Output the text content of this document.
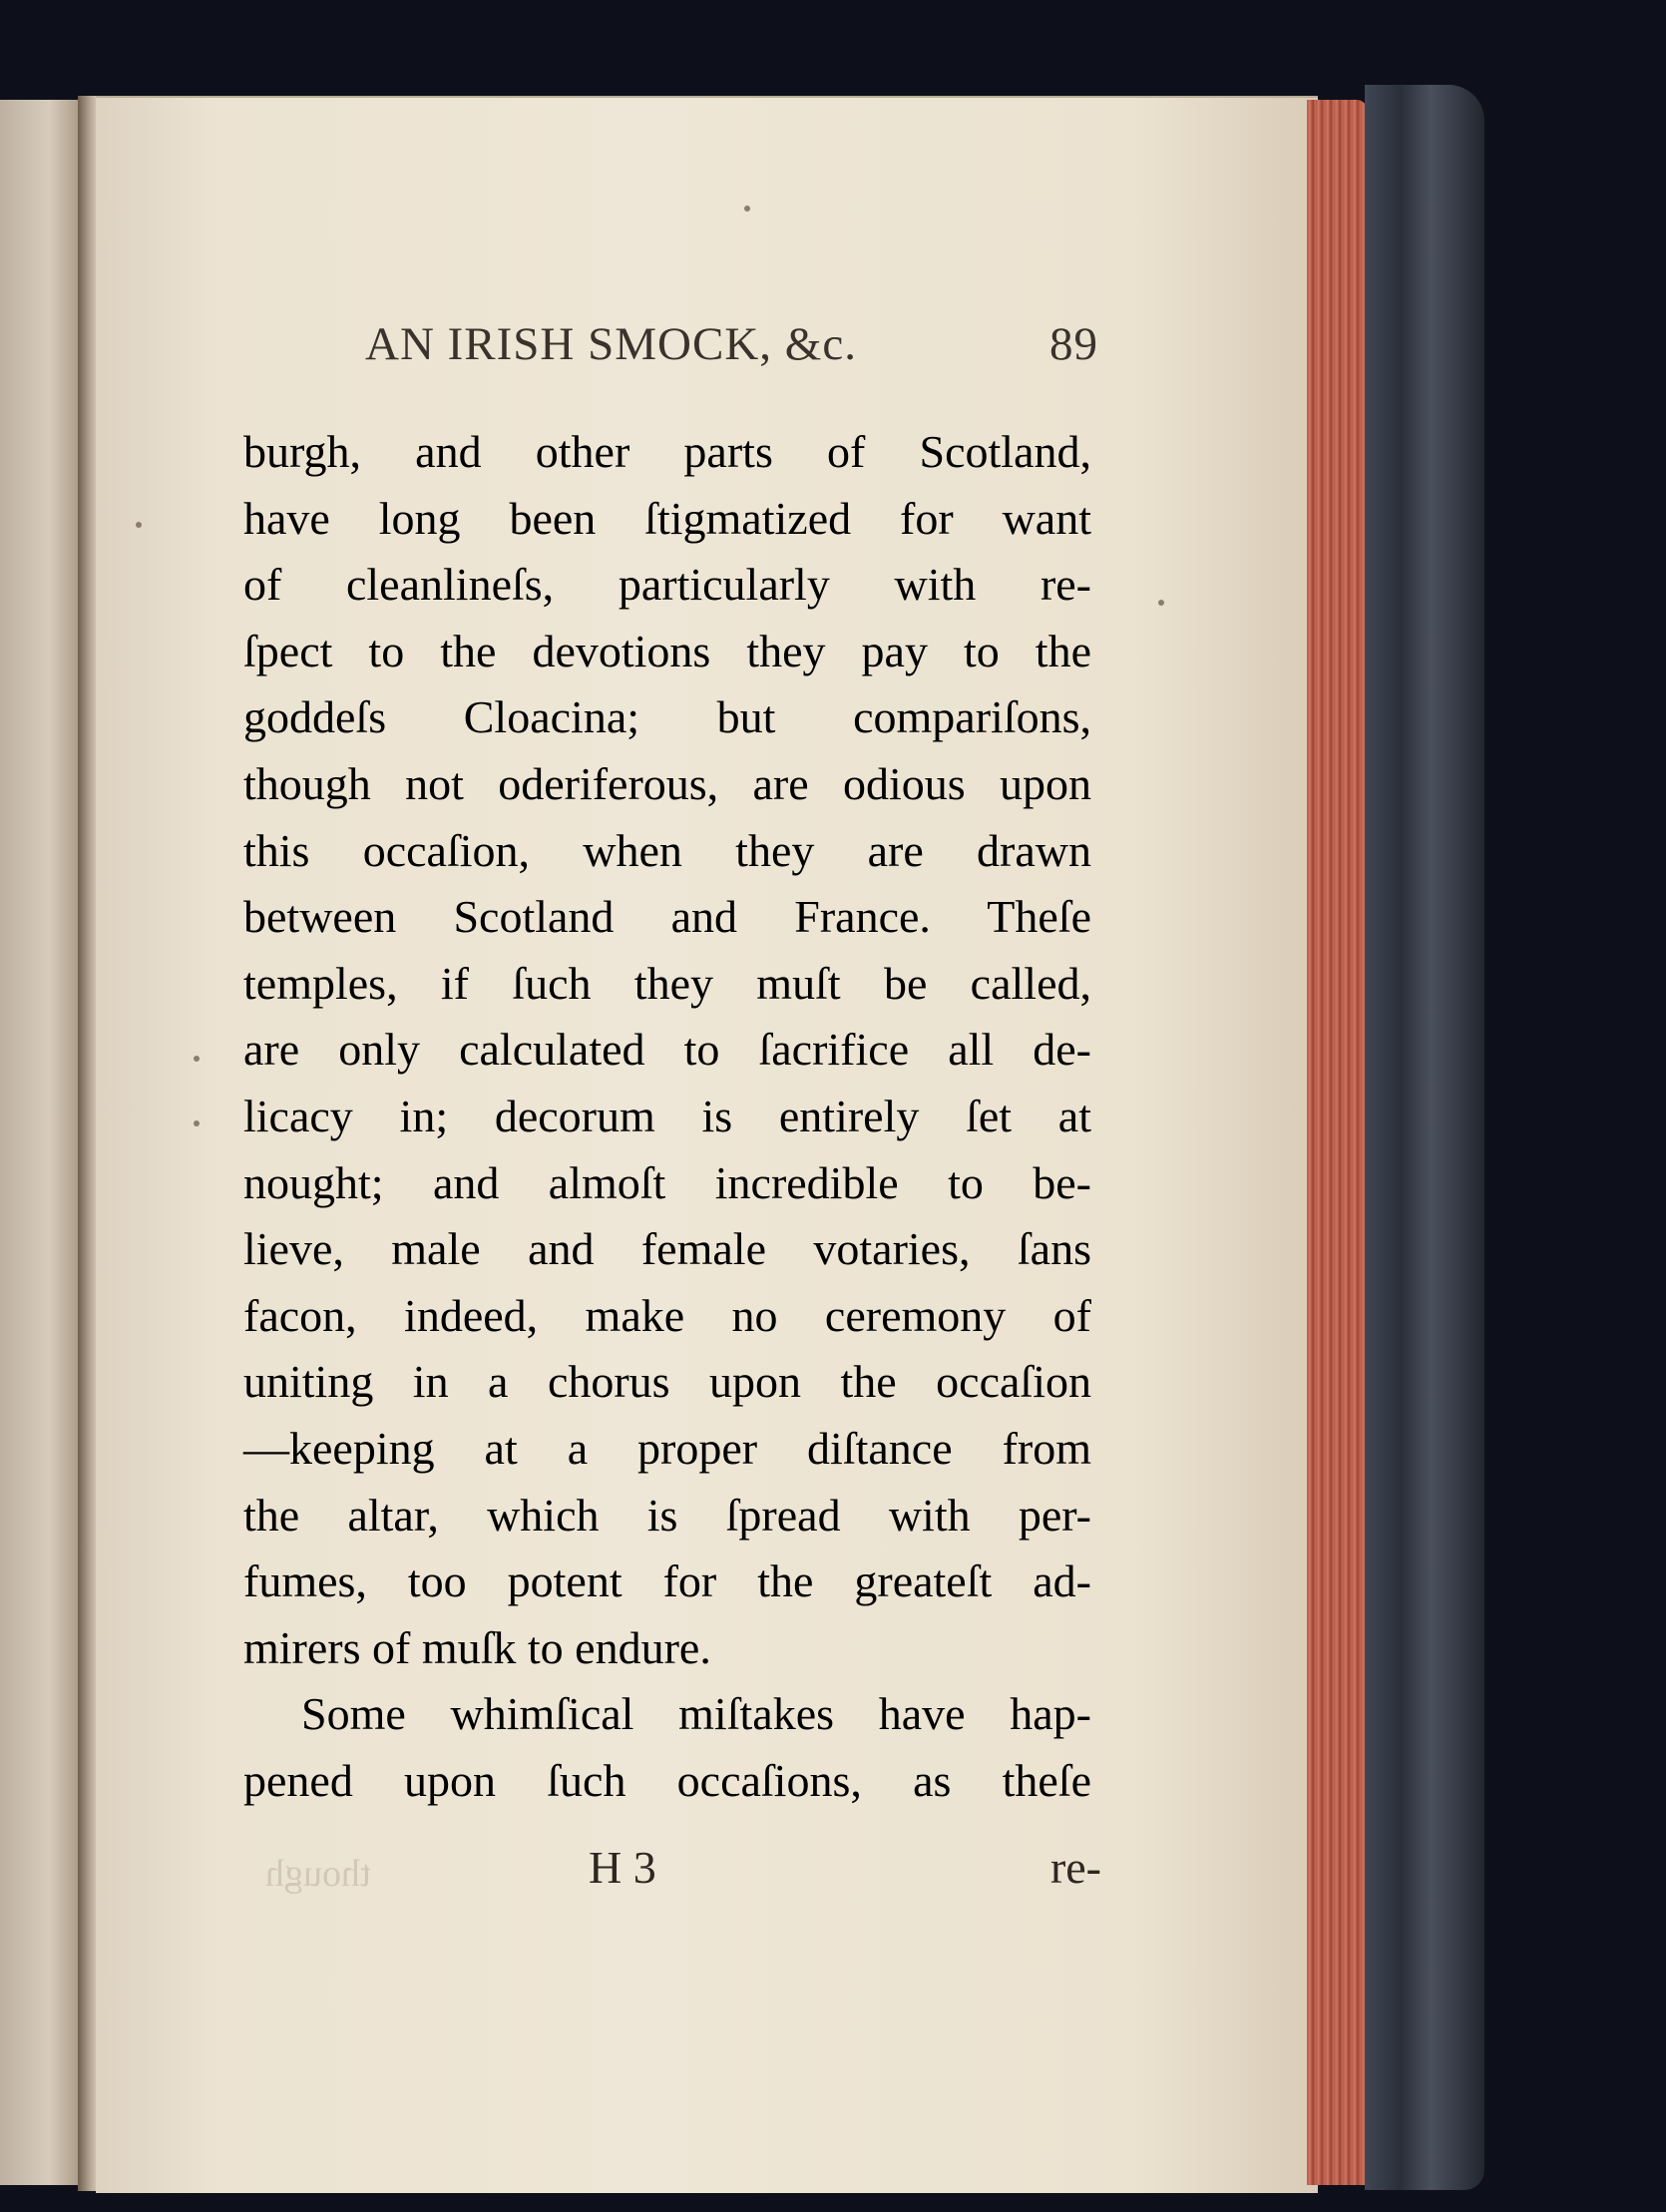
AN IRISH SMOCK, &c.	89
burgh, and other parts of Scotland,
have long been ſtigmatized for want
of cleanlineſs, particularly with re-
ſpect to the devotions they pay to the
goddeſs Cloacina; but compariſons,
though not oderiferous, are odious upon
this occaſion, when they are drawn
between Scotland and France. Theſe
temples, if ſuch they muſt be called,
are only calculated to ſacrifice all de-
licacy in; decorum is entirely ſet at
nought; and almoſt incredible to be-
lieve, male and female votaries, ſans
facon, indeed, make no ceremony of
uniting in a chorus upon the occaſion
—keeping at a proper diſtance from
the altar, which is ſpread with per-
fumes, too potent for the greateſt ad-
mirers of muſk to endure.
Some whimſical miſtakes have hap-
pened upon ſuch occaſions, as theſe
though	H 3	re-
